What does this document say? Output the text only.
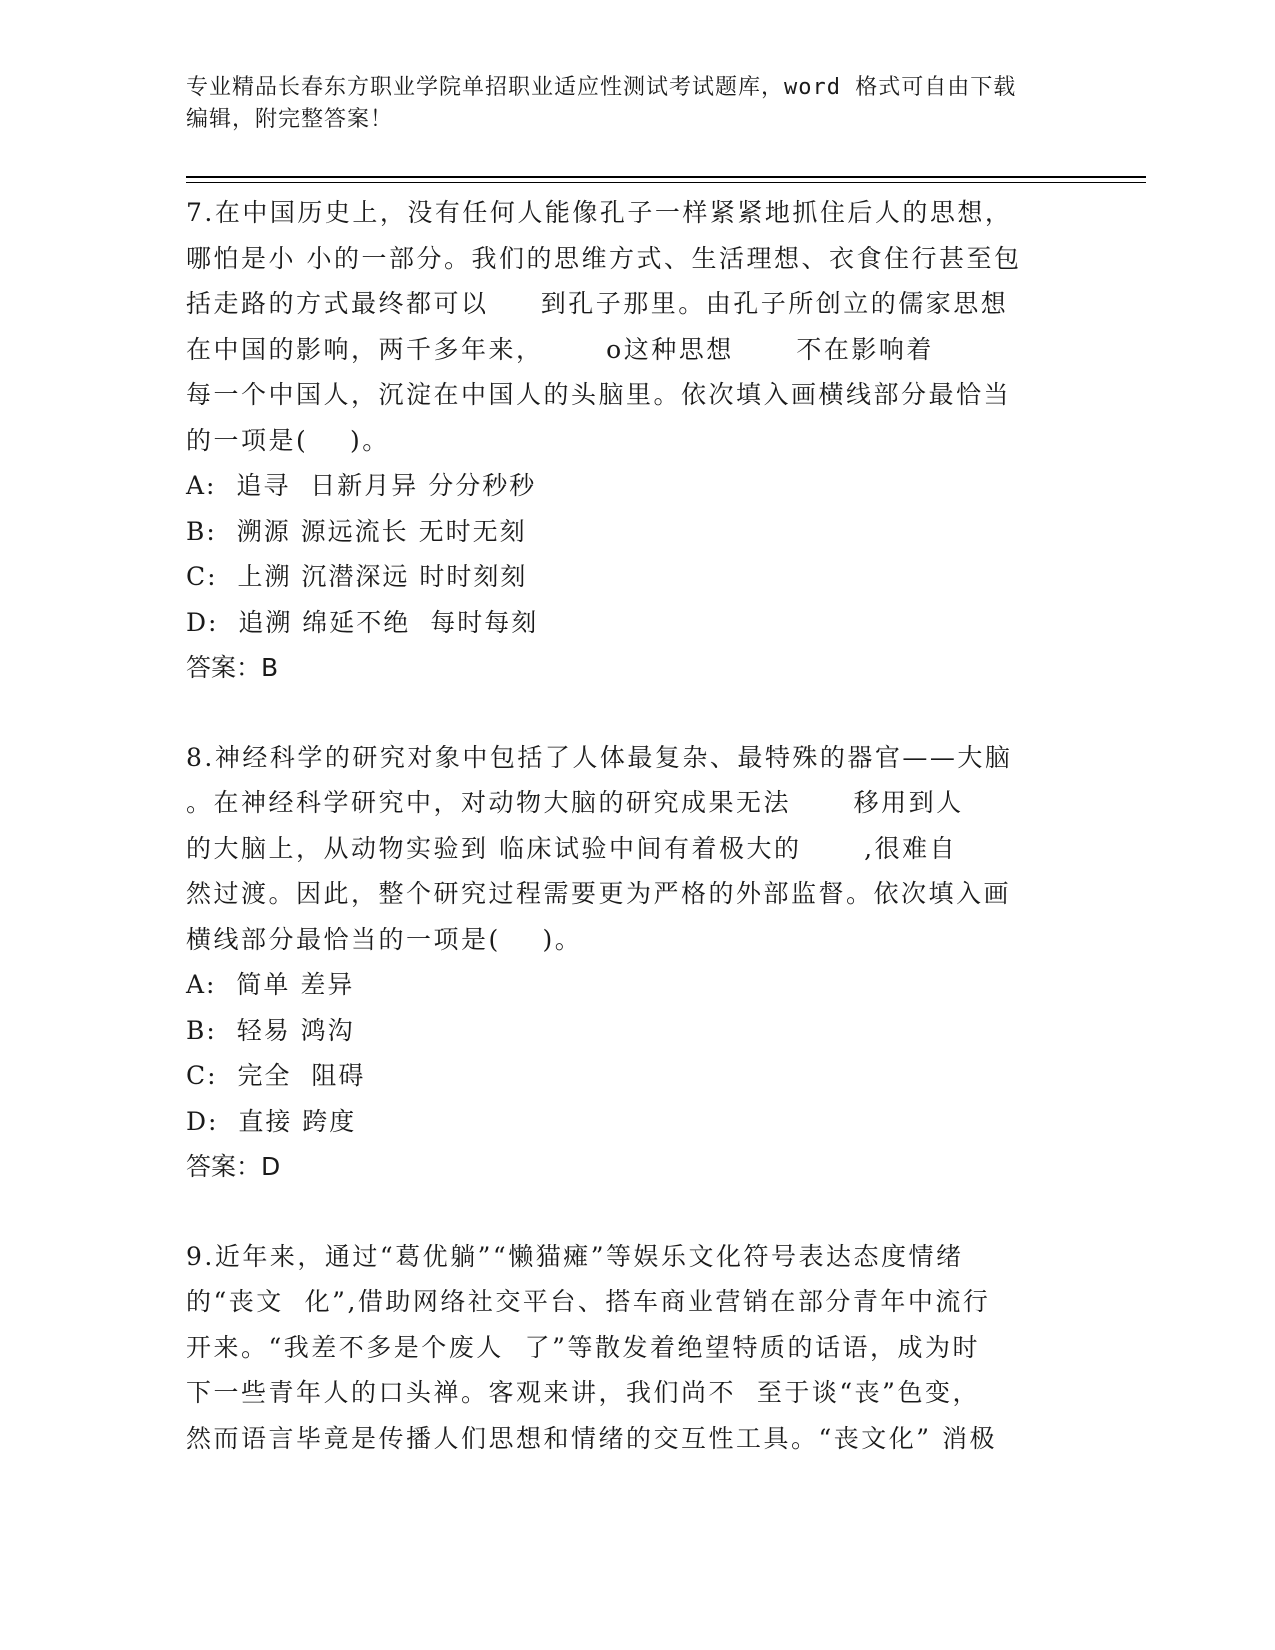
专业精品长春东方职业学院单招职业适应性测试考试题库，word 格式可自由下载
编辑，附完整答案！
7.在中国历史上，没有任何人能像孔子一样紧紧地抓住后人的思想，
哪怕是小 小的一部分。我们的思维方式、生活理想、衣食住行甚至包
括走路的方式最终都可以     到孔子那里。由孔子所创立的儒家思想
在中国的影响，两千多年来，      o这种思想      不在影响着
每一个中国人，沉淀在中国人的头脑里。依次填入画横线部分最恰当
的一项是(    )。
A:  追寻  日新月异 分分秒秒
B:  溯源 源远流长 无时无刻
C:  上溯 沉潜深远 时时刻刻
D:  追溯 绵延不绝  每时每刻
答案：B
8.神经科学的研究对象中包括了人体最复杂、最特殊的器官——大脑
。在神经科学研究中，对动物大脑的研究成果无法      移用到人
的大脑上，从动物实验到 临床试验中间有着极大的      ,很难自
然过渡。因此，整个研究过程需要更为严格的外部监督。依次填入画
横线部分最恰当的一项是(    )。
A:  简单 差异
B:  轻易 鸿沟
C:  完全  阻碍
D:  直接 跨度
答案：D
9.近年来，通过“葛优躺”“懒猫瘫”等娱乐文化符号表达态度情绪
的“丧文  化”,借助网络社交平台、搭车商业营销在部分青年中流行
开来。“我差不多是个废人  了”等散发着绝望特质的话语，成为时
下一些青年人的口头禅。客观来讲，我们尚不  至于谈“丧”色变，
然而语言毕竟是传播人们思想和情绪的交互性工具。“丧文化” 消极
